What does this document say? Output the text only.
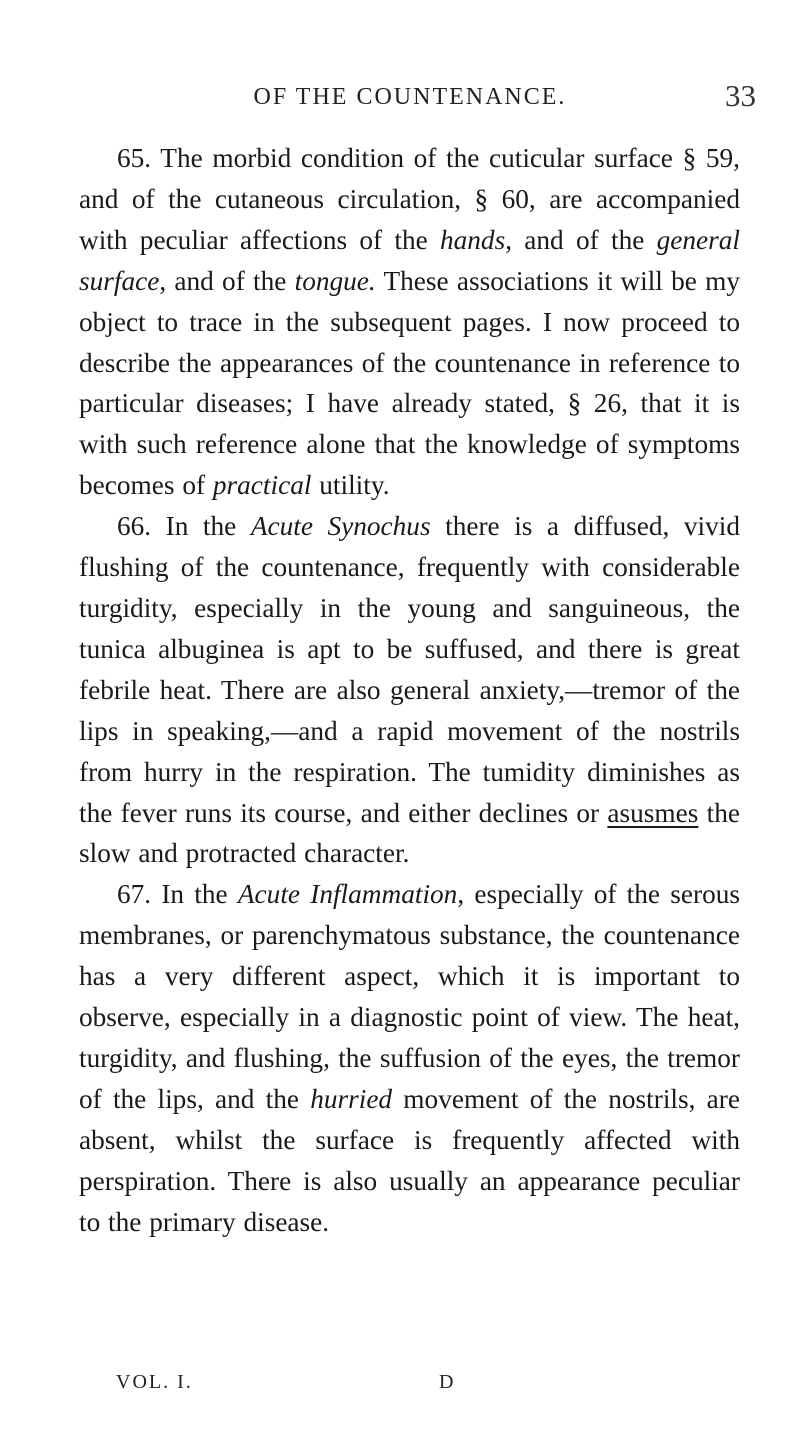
OF THE COUNTENANCE.	33

65. The morbid condition of the cuticular surface § 59, and of the cutaneous circulation, § 60, are accompanied with peculiar affections of the hands, and of the general surface, and of the tongue. These associations it will be my object to trace in the subsequent pages. I now proceed to describe the appearances of the countenance in reference to particular diseases; I have already stated, § 26, that it is with such reference alone that the knowledge of symptoms becomes of practical utility.

66. In the Acute Synochus there is a diffused, vivid flushing of the countenance, frequently with considerable turgidity, especially in the young and sanguineous, the tunica albuginea is apt to be suffused, and there is great febrile heat. There are also general anxiety,—tremor of the lips in speaking,—and a rapid movement of the nostrils from hurry in the respiration. The tumidity diminishes as the fever runs its course, and either declines or asusmes the slow and protracted character.

67. In the Acute Inflammation, especially of the serous membranes, or parenchymatous substance, the countenance has a very different aspect, which it is important to observe, especially in a diagnostic point of view. The heat, turgidity, and flushing, the suffusion of the eyes, the tremor of the lips, and the hurried movement of the nostrils, are absent, whilst the surface is frequently affected with perspiration. There is also usually an appearance peculiar to the primary disease.

VOL. I.	D
